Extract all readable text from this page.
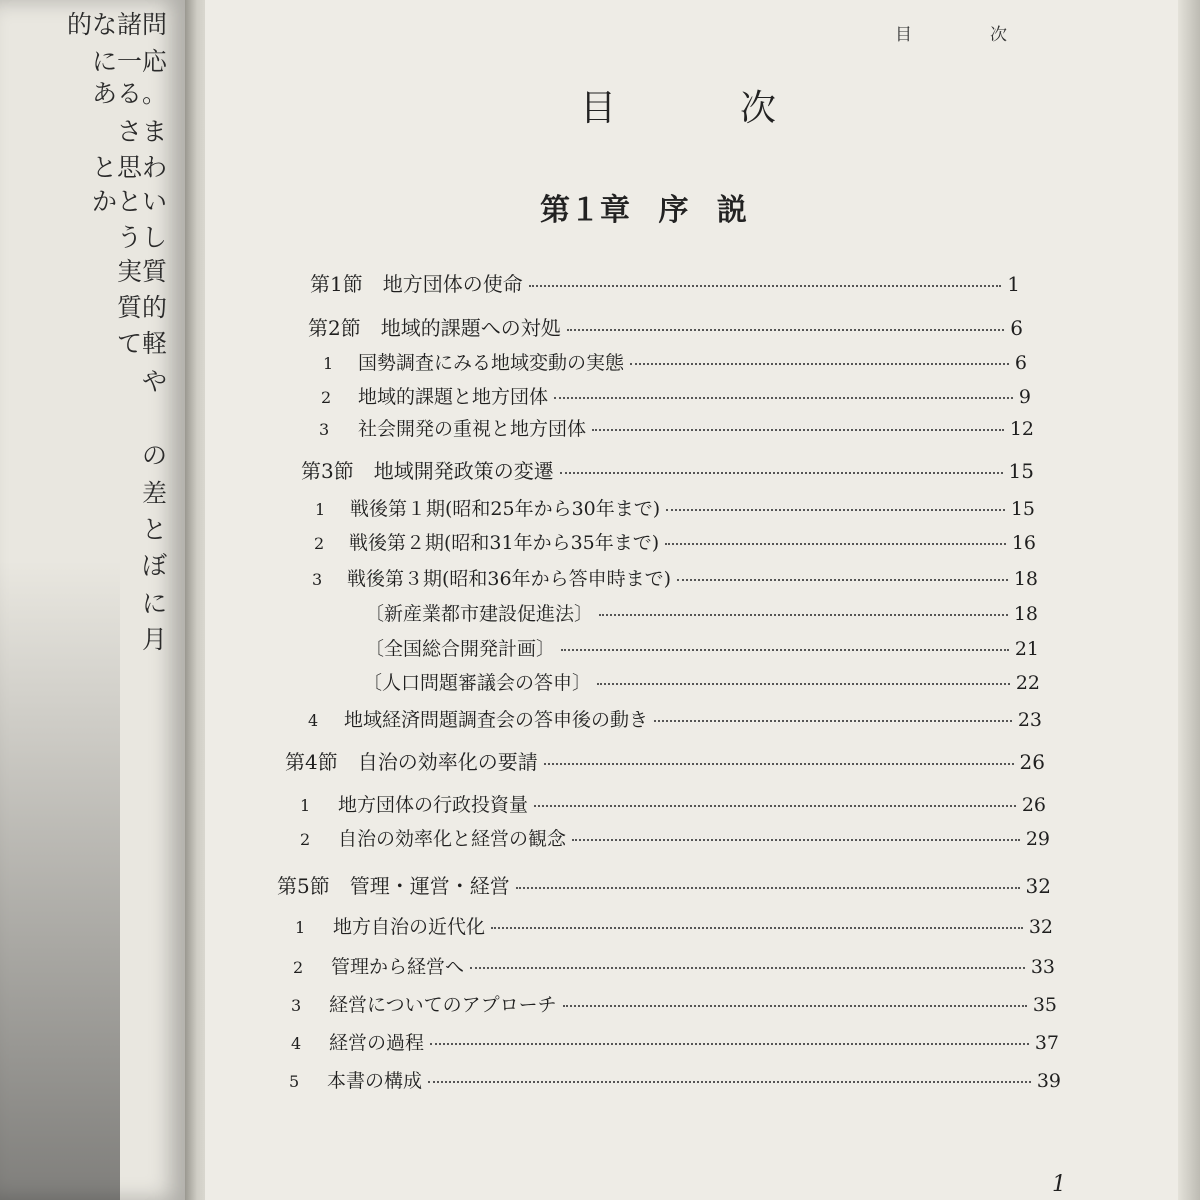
的な諸問
に一応
ある。
さま
と思わ
かとい
うし
実質
質的
て軽
や
の
差
と
ぼ
に
月
目	次
目	次
第１章 序 説
第1節　地方団体の使命	1
第2節　地域的課題への対処	6
1	国勢調査にみる地域変動の実態	6
2	地域的課題と地方団体	9
3	社会開発の重視と地方団体	12
第3節　地域開発政策の変遷	15
1	戦後第１期(昭和25年から30年まで)	15
2	戦後第２期(昭和31年から35年まで)	16
3	戦後第３期(昭和36年から答申時まで)	18
〔新産業都市建設促進法〕	18
〔全国総合開発計画〕	21
〔人口問題審議会の答申〕	22
4	地域経済問題調査会の答申後の動き	23
第4節　自治の効率化の要請	26
1	地方団体の行政投資量	26
2	自治の効率化と経営の観念	29
第5節　管理・運営・経営	32
1	地方自治の近代化	32
2	管理から経営へ	33
3	経営についてのアプローチ	35
4	経営の過程	37
5	本書の構成	39
1
